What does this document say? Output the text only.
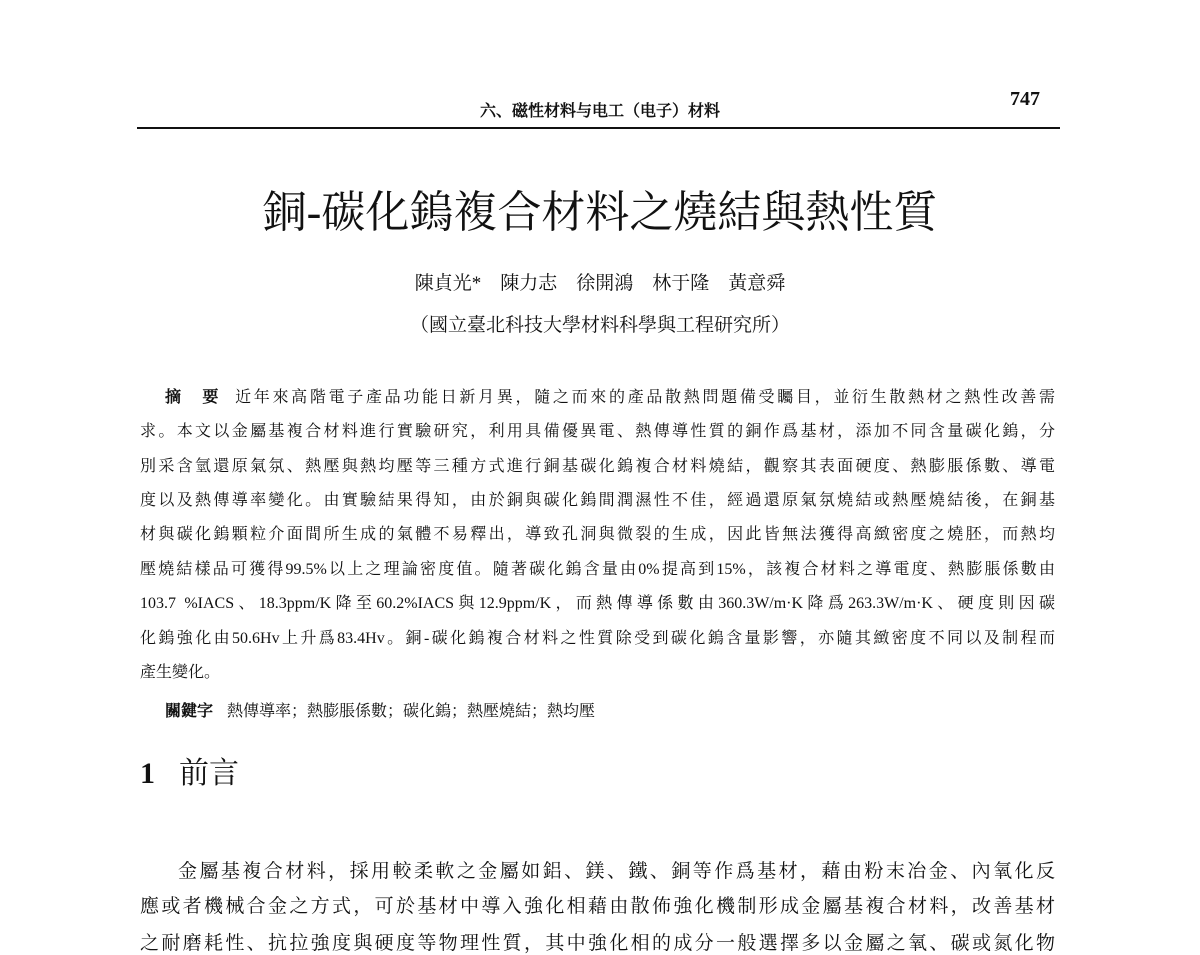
六、磁性材料与电工（电子）材料
747
銅-碳化鎢複合材料之燒結與熱性質
陳貞光*　陳力志　徐開鴻　林于隆　黃意舜
（國立臺北科技大學材料科學與工程研究所）
摘　要 近年來高階電子產品功能日新月異，隨之而來的產品散熱問題備受矚目，並衍生散熱材之熱性改善需
求。本文以金屬基複合材料進行實驗研究，利用具備優異電、熱傳導性質的銅作爲基材，添加不同含量碳化鎢，分
別采含氫還原氣氛、熱壓與熱均壓等三種方式進行銅基碳化鎢複合材料燒結，觀察其表面硬度、熱膨脹係數、導電
度以及熱傳導率變化。由實驗結果得知，由於銅與碳化鎢間潤濕性不佳，經過還原氣氛燒結或熱壓燒結後，在銅基
材與碳化鎢顆粒介面間所生成的氣體不易釋出，導致孔洞與微裂的生成，因此皆無法獲得高緻密度之燒胚，而熱均
壓燒結樣品可獲得99.5%以上之理論密度值。隨著碳化鎢含量由0%提高到15%，該複合材料之導電度、熱膨脹係數由
103.7 %IACS、18.3ppm/K降至60.2%IACS與12.9ppm/K，而熱傳導係數由360.3W/m·K降爲263.3W/m·K、硬度則因碳
化鎢強化由50.6Hv上升爲83.4Hv。銅-碳化鎢複合材料之性質除受到碳化鎢含量影響，亦隨其緻密度不同以及制程而
產生變化。
關鍵字 熱傳導率；熱膨脹係數；碳化鎢；熱壓燒結；熱均壓
1 前言
金屬基複合材料，採用較柔軟之金屬如鋁、鎂、鐵、銅等作爲基材，藉由粉末冶金、內氧化反
應或者機械合金之方式，可於基材中導入強化相藉由散佈強化機制形成金屬基複合材料，改善基材
之耐磨耗性、抗拉強度與硬度等物理性質，其中強化相的成分一般選擇多以金屬之氧、碳或氮化物
